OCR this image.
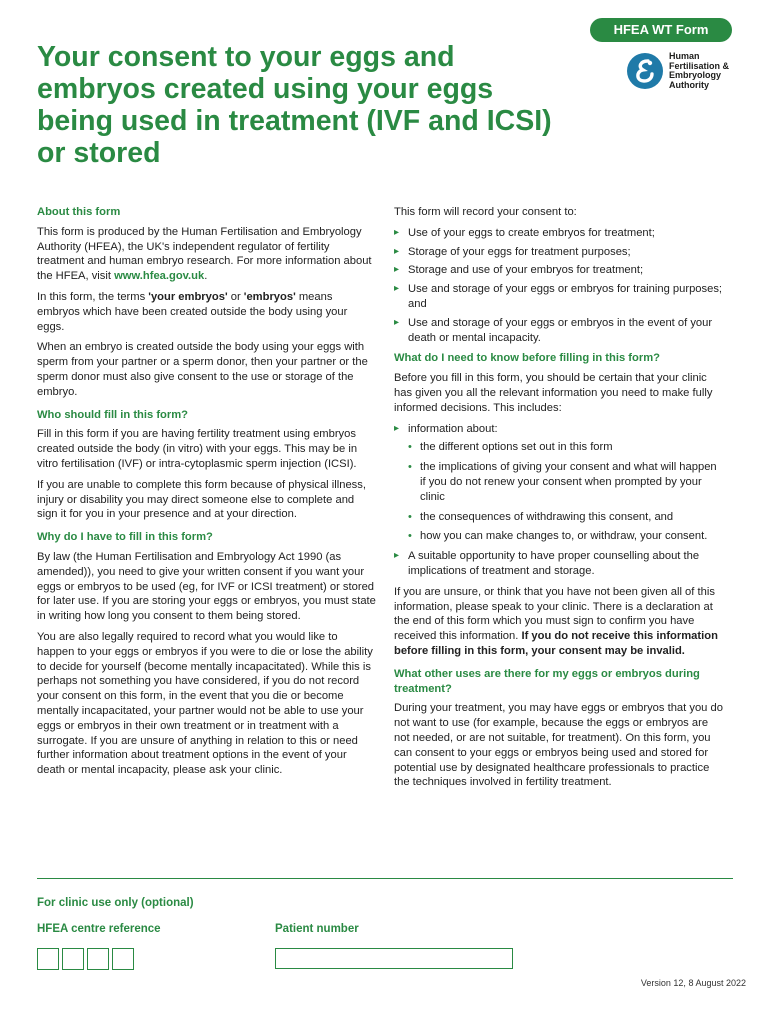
HFEA WT Form
Your consent to your eggs and embryos created using your eggs being used in treatment (IVF and ICSI) or stored
Human
Fertilisation &
Embryology
Authority
About this form

This form is produced by the Human Fertilisation and Embryology Authority (HFEA), the UK's independent regulator of fertility treatment and human embryo research. For more information about the HFEA, visit www.hfea.gov.uk.

In this form, the terms 'your embryos' or 'embryos' means embryos which have been created outside the body using your eggs.

When an embryo is created outside the body using your eggs with sperm from your partner or a sperm donor, then your partner or the sperm donor must also give consent to the use or storage of the embryo.

Who should fill in this form?

Fill in this form if you are having fertility treatment using embryos created outside the body (in vitro) with your eggs. This may be in vitro fertilisation (IVF) or intra-cytoplasmic sperm injection (ICSI).

If you are unable to complete this form because of physical illness, injury or disability you may direct someone else to complete and sign it for you in your presence and at your direction.

Why do I have to fill in this form?

By law (the Human Fertilisation and Embryology Act 1990 (as amended)), you need to give your written consent if you want your eggs or embryos to be used (eg, for IVF or ICSI treatment) or stored for later use. If you are storing your eggs or embryos, you must state in writing how long you consent to them being stored.

You are also legally required to record what you would like to happen to your eggs or embryos if you were to die or lose the ability to decide for yourself (become mentally incapacitated). While this is perhaps not something you have considered, if you do not record your consent on this form, in the event that you die or become mentally incapacitated, your partner would not be able to use your eggs or embryos in their own treatment or in treatment with a surrogate. If you are unsure of anything in relation to this or need further information about treatment options in the event of your death or mental incapacity, please ask your clinic.

This form will record your consent to:

▸ Use of your eggs to create embryos for treatment;
▸ Storage of your eggs for treatment purposes;
▸ Storage and use of your embryos for treatment;
▸ Use and storage of your eggs or embryos for training purposes; and
▸ Use and storage of your eggs or embryos in the event of your death or mental incapacity.
What do I need to know before filling in this form?

Before you fill in this form, you should be certain that your clinic has given you all the relevant information you need to make fully informed decisions. This includes:

▸ information about:
• the different options set out in this form
• the implications of giving your consent and what will happen if you do not renew your consent when prompted by your clinic
• the consequences of withdrawing this consent, and
• how you can make changes to, or withdraw, your consent.
▸ A suitable opportunity to have proper counselling about the implications of treatment and storage.

If you are unsure, or think that you have not been given all of this information, please speak to your clinic. There is a declaration at the end of this form which you must sign to confirm you have received this information. If you do not receive this information before filling in this form, your consent may be invalid.

What other uses are there for my eggs or embryos during treatment?

During your treatment, you may have eggs or embryos that you do not want to use (for example, because the eggs or embryos are not needed, or are not suitable, for treatment). On this form, you can consent to your eggs or embryos being used and stored for potential use by designated healthcare professionals to practice the techniques involved in fertility treatment.

For clinic use only (optional)
HFEA centre reference	Patient number
Version 12, 8 August 2022
